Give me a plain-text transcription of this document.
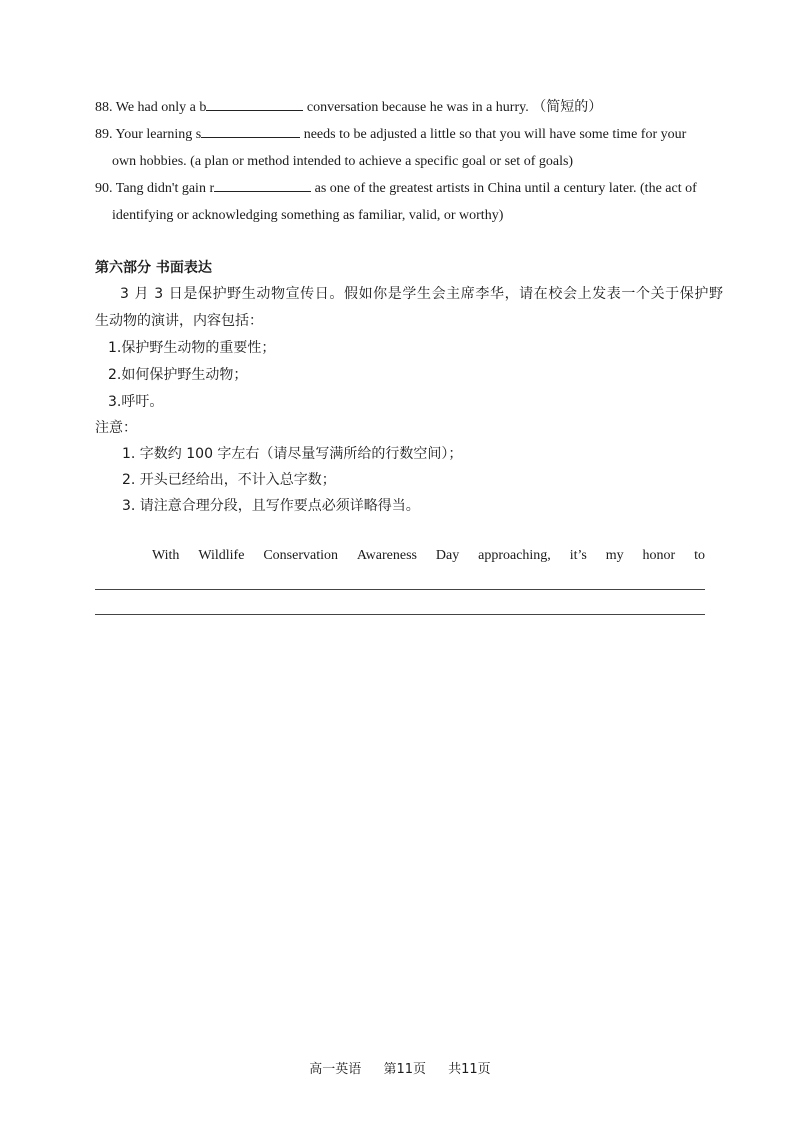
88. We had only a b	conversation because he was in a hurry. （简短的）
89. Your learning s	needs to be adjusted a little so that you will have some time for your
own hobbies. (a plan or method intended to achieve a specific goal or set of goals)
90. Tang didn't gain r	as one of the greatest artists in China until a century later. (the act of
identifying or acknowledging something as familiar, valid, or worthy)
第六部分 书面表达
3 月 3 日是保护野生动物宣传日。假如你是学生会主席李华，请在校会上发表一个关于保护野
生动物的演讲，内容包括：
1.保护野生动物的重要性；
2.如何保护野生动物；
3.呼吁。
注意：
1. 字数约 100 字左右（请尽量写满所给的行数空间）；
2. 开头已经给出，不计入总字数；
3. 请注意合理分段，且写作要点必须详略得当。
With Wildlife Conservation Awareness Day approaching, it’s my honor to
高一英语 第11页 共11页
